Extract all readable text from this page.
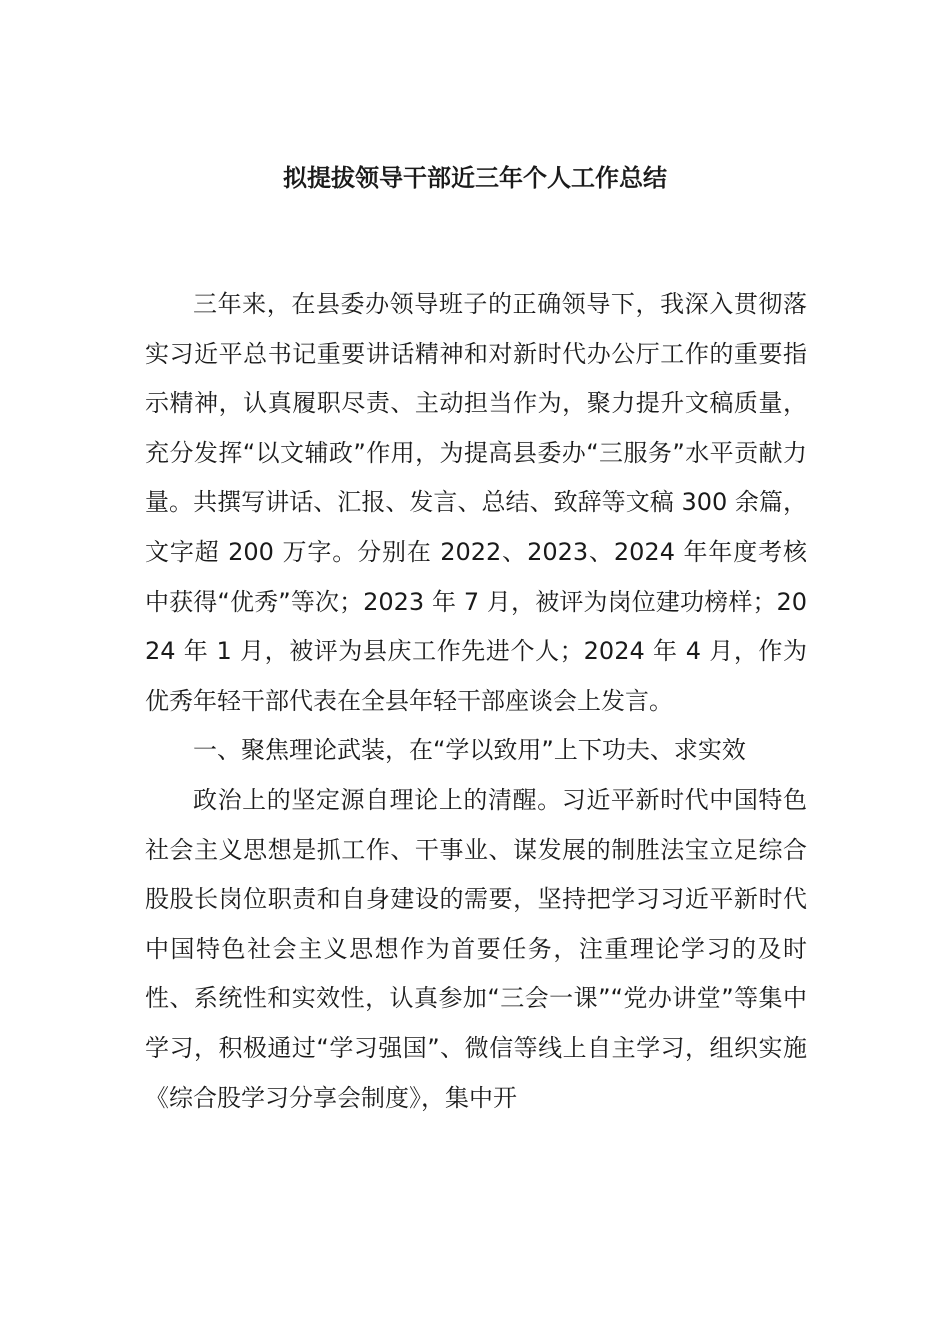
拟提拔领导干部近三年个人工作总结

三年来，在县委办领导班子的正确领导下，我深入贯彻落实习近平总书记重要讲话精神和对新时代办公厅工作的重要指示精神，认真履职尽责、主动担当作为，聚力提升文稿质量，充分发挥“以文辅政”作用，为提高县委办“三服务”水平贡献力量。共撰写讲话、汇报、发言、总结、致辞等文稿 300 余篇，文字超 200 万字。分别在 2022、2023、2024 年年度考核中获得“优秀”等次；2023 年 7 月，被评为岗位建功榜样；2024 年 1 月，被评为县庆工作先进个人；2024 年 4 月，作为优秀年轻干部代表在全县年轻干部座谈会上发言。

一、聚焦理论武装，在“学以致用”上下功夫、求实效

政治上的坚定源自理论上的清醒。习近平新时代中国特色社会主义思想是抓工作、干事业、谋发展的制胜法宝立足综合股股长岗位职责和自身建设的需要，坚持把学习习近平新时代中国特色社会主义思想作为首要任务，注重理论学习的及时性、系统性和实效性，认真参加“三会一课”“党办讲堂”等集中学习，积极通过“学习强国”、微信等线上自主学习，组织实施《综合股学习分享会制度》，集中开
